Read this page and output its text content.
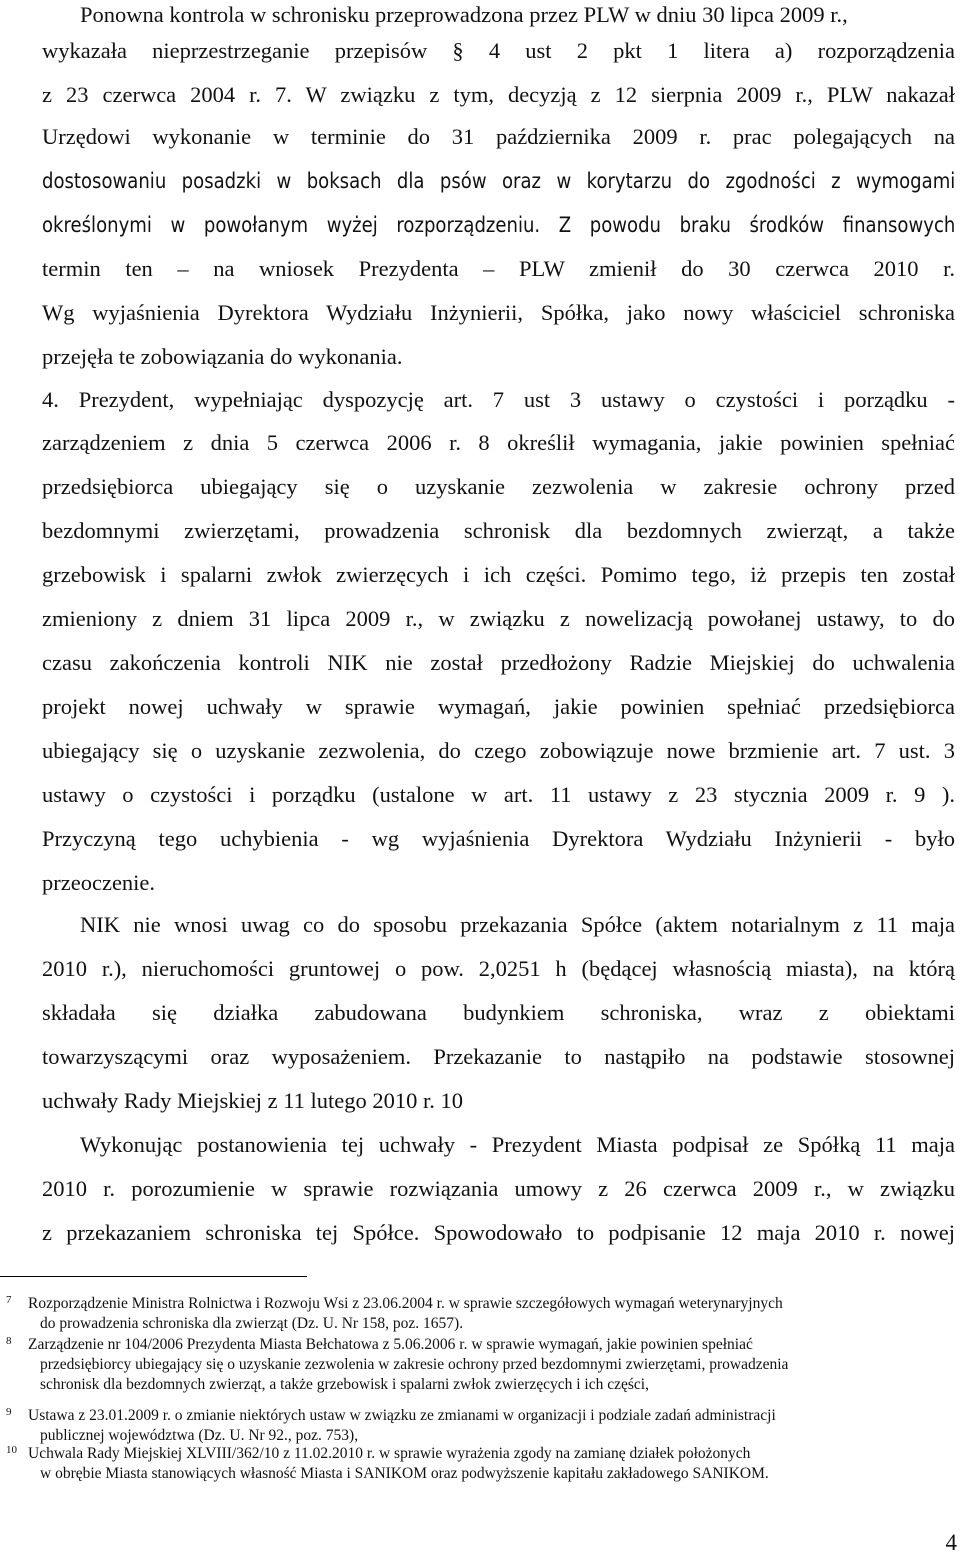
Ponowna kontrola w schronisku przeprowadzona przez PLW w dniu 30 lipca 2009 r.,
wykazała nieprzestrzeganie przepisów § 4 ust 2 pkt 1 litera a) rozporządzenia
z 23 czerwca 2004 r. 7. W związku z tym, decyzją z 12 sierpnia 2009 r., PLW nakazał
Urzędowi wykonanie w terminie do 31 października 2009 r. prac polegających na
dostosowaniu posadzki w boksach dla psów oraz w korytarzu do zgodności z wymogami
określonymi w powołanym wyżej rozporządzeniu. Z powodu braku środków finansowych
termin ten – na wniosek Prezydenta – PLW zmienił do 30 czerwca 2010 r.
Wg wyjaśnienia Dyrektora Wydziału Inżynierii, Spółka, jako nowy właściciel schroniska
przejęła te zobowiązania do wykonania.
4. Prezydent, wypełniając dyspozycję art. 7 ust 3 ustawy o czystości i porządku -
zarządzeniem z dnia 5 czerwca 2006 r. 8 określił wymagania, jakie powinien spełniać
przedsiębiorca ubiegający się o uzyskanie zezwolenia w zakresie ochrony przed
bezdomnymi zwierzętami, prowadzenia schronisk dla bezdomnych zwierząt, a także
grzebowisk i spalarni zwłok zwierzęcych i ich części. Pomimo tego, iż przepis ten został
zmieniony z dniem 31 lipca 2009 r., w związku z nowelizacją powołanej ustawy, to do
czasu zakończenia kontroli NIK nie został przedłożony Radzie Miejskiej do uchwalenia
projekt nowej uchwały w sprawie wymagań, jakie powinien spełniać przedsiębiorca
ubiegający się o uzyskanie zezwolenia, do czego zobowiązuje nowe brzmienie art. 7 ust. 3
ustawy o czystości i porządku (ustalone w art. 11 ustawy z 23 stycznia 2009 r. 9 ).
Przyczyną tego uchybienia - wg wyjaśnienia Dyrektora Wydziału Inżynierii - było
przeoczenie.
NIK nie wnosi uwag co do sposobu przekazania Spółce (aktem notarialnym z 11 maja
2010 r.), nieruchomości gruntowej o pow. 2,0251 h (będącej własnością miasta), na którą
składała się działka zabudowana budynkiem schroniska, wraz z obiektami
towarzyszącymi oraz wyposażeniem. Przekazanie to nastąpiło na podstawie stosownej
uchwały Rady Miejskiej z 11 lutego 2010 r. 10
Wykonując postanowienia tej uchwały - Prezydent Miasta podpisał ze Spółką 11 maja
2010 r. porozumienie w sprawie rozwiązania umowy z 26 czerwca 2009 r., w związku
z przekazaniem schroniska tej Spółce. Spowodowało to podpisanie 12 maja 2010 r. nowej
7 Rozporządzenie Ministra Rolnictwa i Rozwoju Wsi z 23.06.2004 r. w sprawie szczegółowych wymagań weterynaryjnych
do prowadzenia schroniska dla zwierząt (Dz. U. Nr 158, poz. 1657).
8 Zarządzenie nr 104/2006 Prezydenta Miasta Bełchatowa z 5.06.2006 r. w sprawie wymagań, jakie powinien spełniać
przedsiębiorcy ubiegający się o uzyskanie zezwolenia w zakresie ochrony przed bezdomnymi zwierzętami, prowadzenia
schronisk dla bezdomnych zwierząt, a także grzebowisk i spalarni zwłok zwierzęcych i ich części,
9 Ustawa z 23.01.2009 r. o zmianie niektórych ustaw w związku ze zmianami w organizacji i podziale zadań administracji
publicznej województwa (Dz. U. Nr 92., poz. 753),
10 Uchwala Rady Miejskiej XLVIII/362/10 z 11.02.2010 r. w sprawie wyrażenia zgody na zamianę działek położonych
w obrębie Miasta stanowiących własność Miasta i SANIKOM oraz podwyższenie kapitału zakładowego SANIKOM.
4
